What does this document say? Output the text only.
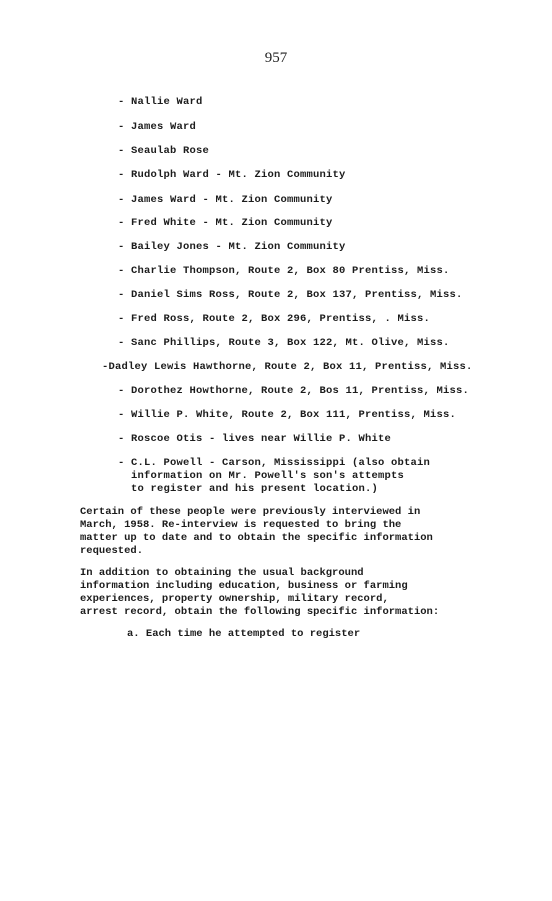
957
- Nallie Ward
- James Ward
- Seaulab Rose
- Rudolph Ward - Mt. Zion Community
- James Ward - Mt. Zion Community
- Fred White - Mt. Zion Community
- Bailey Jones - Mt. Zion Community
- Charlie Thompson, Route 2, Box 80 Prentiss, Miss.
- Daniel Sims Ross, Route 2, Box 137, Prentiss, Miss.
- Fred Ross, Route 2, Box 296, Prentiss, . Miss.
- Sanc Phillips, Route 3, Box 122, Mt. Olive, Miss.
-Dadley Lewis Hawthorne, Route 2, Box 11, Prentiss, Miss.
- Dorothez Howthorne, Route 2, Bos 11, Prentiss, Miss.
- Willie P. White, Route 2, Box 111, Prentiss, Miss.
- Roscoe Otis - lives near Willie P. White
- C.L. Powell - Carson, Mississippi (also obtain
information on Mr. Powell's son's attempts
to register and his present location.)
Certain of these people were previously interviewed in
March, 1958. Re-interview is requested to bring the
matter up to date and to obtain the specific information
requested.
In addition to obtaining the usual background
information including education, business or farming
experiences, property ownership, military record,
arrest record, obtain the following specific information:
a. Each time he attempted to register
